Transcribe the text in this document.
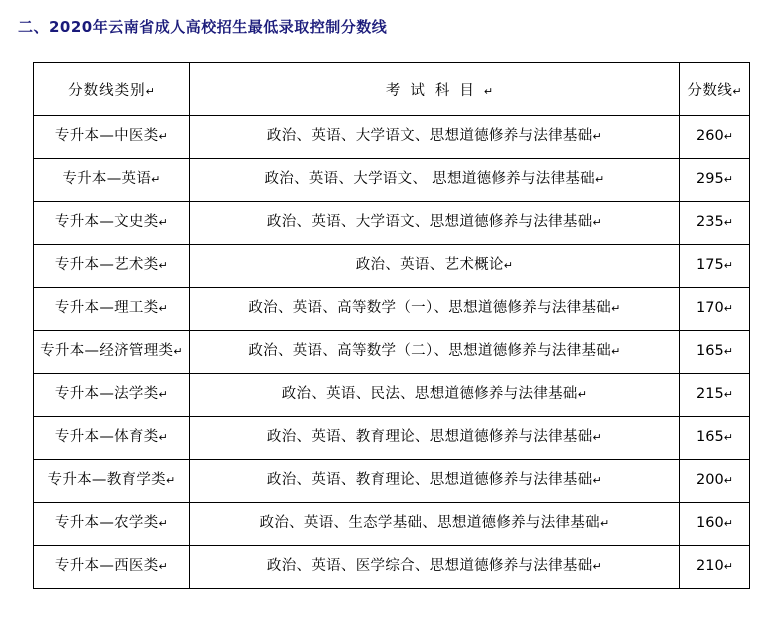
二、2020年云南省成人高校招生最低录取控制分数线
分数线类别↵	考试科目↵	分数线↵
专升本—中医类↵	政治、英语、大学语文、思想道德修养与法律基础↵	260↵
专升本—英语↵	政治、英语、大学语文、 思想道德修养与法律基础↵	295↵
专升本—文史类↵	政治、英语、大学语文、思想道德修养与法律基础↵	235↵
专升本—艺术类↵	政治、英语、艺术概论↵	175↵
专升本—理工类↵	政治、英语、高等数学（一）、思想道德修养与法律基础↵	170↵
专升本—经济管理类↵	政治、英语、高等数学（二）、思想道德修养与法律基础↵	165↵
专升本—法学类↵	政治、英语、民法、思想道德修养与法律基础↵	215↵
专升本—体育类↵	政治、英语、教育理论、思想道德修养与法律基础↵	165↵
专升本—教育学类↵	政治、英语、教育理论、思想道德修养与法律基础↵	200↵
专升本—农学类↵	政治、英语、生态学基础、思想道德修养与法律基础↵	160↵
专升本—西医类↵	政治、英语、医学综合、思想道德修养与法律基础↵	210↵
